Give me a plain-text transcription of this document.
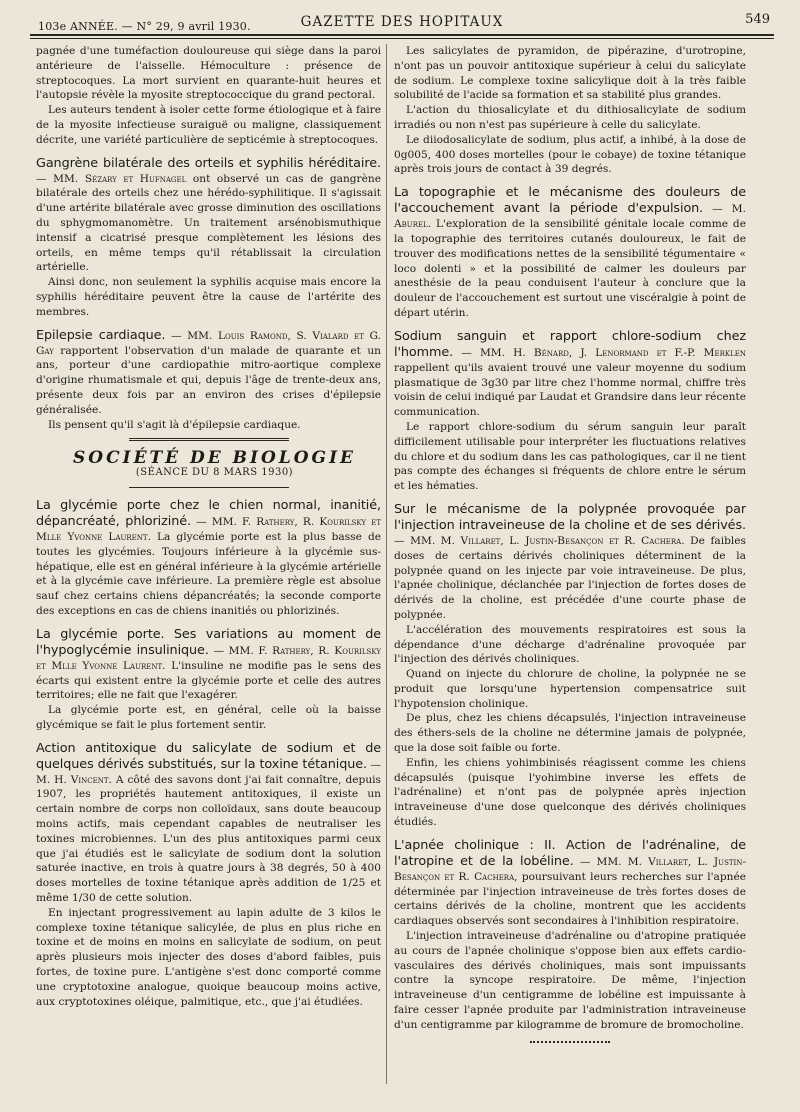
103e ANNÉE. — N° 29, 9 avril 1930.	GAZETTE DES HOPITAUX	549

pagnée d'une tuméfaction douloureuse qui siège dans la paroi antérieure de l'aisselle. Hémoculture : présence de streptocoques. La mort survient en quarante-huit heures et l'autopsie révèle la myosite streptococcique du grand pectoral.

Les auteurs tendent à isoler cette forme étiologique et à faire de la myosite infectieuse suraiguë ou maligne, classiquement décrite, une variété particulière de septicémie à streptocoques.

Gangrène bilatérale des orteils et syphilis héréditaire. — MM. Sézary et Hufnagel ont observé un cas de gangrène bilatérale des orteils chez une hérédo-syphilitique. Il s'agissait d'une artérite bilatérale avec grosse diminution des oscillations du sphygmomanomètre. Un traitement arsénobismuthique intensif a cicatrisé presque complètement les lésions des orteils, en même temps qu'il rétablissait la circulation artérielle.

Ainsi donc, non seulement la syphilis acquise mais encore la syphilis héréditaire peuvent être la cause de l'artérite des membres.

Epilepsie cardiaque. — MM. Louis Ramond, S. Vialard et G. Gay rapportent l'observation d'un malade de quarante et un ans, porteur d'une cardiopathie mitro-aortique complexe d'origine rhumatismale et qui, depuis l'âge de trente-deux ans, présente deux fois par an environ des crises d'épilepsie généralisée.

Ils pensent qu'il s'agit là d'épilepsie cardiaque.

SOCIÉTÉ DE BIOLOGIE

(SÉANCE DU 8 MARS 1930)

La glycémie porte chez le chien normal, inanitié, dépancréaté, phlorizіné. — MM. F. Rathery, R. Kourilsky et Mlle Yvonne Laurent. La glycémie porte est la plus basse de toutes les glycémies. Toujours inférieure à la glycémie sus-hépatique, elle est en général inférieure à la glycémie artérielle et à la glycémie cave inférieure. La première règle est absolue sauf chez certains chiens dépancréatés; la seconde comporte des exceptions en cas de chiens inanitiés ou phlorizinés.

La glycémie porte. Ses variations au moment de l'hypoglycémie insulinique. — MM. F. Rathery, R. Kourilsky et Mlle Yvonne Laurent. L'insuline ne modifie pas le sens des écarts qui existent entre la glycémie porte et celle des autres territoires; elle ne fait que l'exagérer.

La glycémie porte est, en général, celle où la baisse glycémique se fait le plus fortement sentir.

Action antitoxique du salicylate de sodium et de quelques dérivés substitués, sur la toxine tétanique. — M. H. Vincent. A côté des savons dont j'ai fait connaître, depuis 1907, les propriétés hautement antitoxiques, il existe un certain nombre de corps non colloïdaux, sans doute beaucoup moins actifs, mais cependant capables de neutraliser les toxines microbiennes. L'un des plus antitoxiques parmi ceux que j'ai étudiés est le salicylate de sodium dont la solution saturée inactive, en trois à quatre jours à 38 degrés, 50 à 400 doses mortelles de toxine tétanique après addition de 1/25 et même 1/30 de cette solution.

En injectant progressivement au lapin adulte de 3 kilos le complexe toxine tétanique salicylée, de plus en plus riche en toxine et de moins en moins en salicylate de sodium, on peut après plusieurs mois injecter des doses d'abord faibles, puis fortes, de toxine pure. L'antigène s'est donc comporté comme une cryptotoxine analogue, quoique beaucoup moins active, aux cryptotoxines oléique, palmitique, etc., que j'ai étudiées.

Les salicylates de pyramidon, de pipérazine, d'urotropine, n'ont pas un pouvoir antitoxique supérieur à celui du salicylate de sodium. Le complexe toxine salicylique doit à la très faible solubilité de l'acide sa formation et sa stabilité plus grandes.

L'action du thiosalicylate et du dithiosalicylate de sodium irradiés ou non n'est pas supérieure à celle du salicylate.

Le diiodosalicylate de sodium, plus actif, a inhibé, à la dose de 0g005, 400 doses mortelles (pour le cobaye) de toxine tétanique après trois jours de contact à 39 degrés.

La topographie et le mécanisme des douleurs de l'accouchement avant la période d'expulsion. — M. Aburel. L'exploration de la sensibilité génitale locale comme de la topographie des territoires cutanés douloureux, le fait de trouver des modifications nettes de la sensibilité tégumentaire « loco dolenti » et la possibilité de calmer les douleurs par anesthésie de la peau conduisent l'auteur à conclure que la douleur de l'accouchement est surtout une viscéralgie à point de départ utérin.

Sodium sanguin et rapport chlore-sodium chez l'homme. — MM. H. Bénard, J. Lenormand et F.-P. Merklen rappellent qu'ils avaient trouvé une valeur moyenne du sodium plasmatique de 3g30 par litre chez l'homme normal, chiffre très voisin de celui indiqué par Laudat et Grandsire dans leur récente communication.

Le rapport chlore-sodium du sérum sanguin leur paraît difficilement utilisable pour interpréter les fluctuations relatives du chlore et du sodium dans les cas pathologiques, car il ne tient pas compte des échanges si fréquents de chlore entre le sérum et les hématies.

Sur le mécanisme de la polypnée provoquée par l'injection intraveineuse de la choline et de ses dérivés. — MM. M. Villaret, L. Justin-Besançon et R. Cachera. De faibles doses de certains dérivés choliniques déterminent de la polypnée quand on les injecte par voie intraveineuse. De plus, l'apnée cholinique, déclanchée par l'injection de fortes doses de dérivés de la choline, est précédée d'une courte phase de polypnée.

L'accélération des mouvements respiratoires est sous la dépendance d'une décharge d'adrénaline provoquée par l'injection des dérivés choliniques.

Quand on injecte du chlorure de choline, la polypnée ne se produit que lorsqu'une hypertension compensatrice suit l'hypotension cholinique.

De plus, chez les chiens décapsulés, l'injection intraveineuse des éthers-sels de la choline ne détermine jamais de polypnée, que la dose soit faible ou forte.

Enfin, les chiens yohimbinisés réagissent comme les chiens décapsulés (puisque l'yohimbine inverse les effets de l'adrénaline) et n'ont pas de polypnée après injection intraveineuse d'une dose quelconque des dérivés choliniques étudiés.

L'apnée cholinique : II. Action de l'adrénaline, de l'atropine et de la lobéline. — MM. M. Villaret, L. Justin-Besançon et R. Cachera, poursuivant leurs recherches sur l'apnée déterminée par l'injection intraveineuse de très fortes doses de certains dérivés de la choline, montrent que les accidents cardiaques observés sont secondaires à l'inhibition respiratoire.

L'injection intraveineuse d'adrénaline ou d'atropine pratiquée au cours de l'apnée cholinique s'oppose bien aux effets cardio-vasculaires des dérivés choliniques, mais sont impuissants contre la syncope respiratoire. De même, l'injection intraveineuse d'un centigramme de lobéline est impuissante à faire cesser l'apnée produite par l'administration intraveineuse d'un centigramme par kilogramme de bromure de bromocholine.
